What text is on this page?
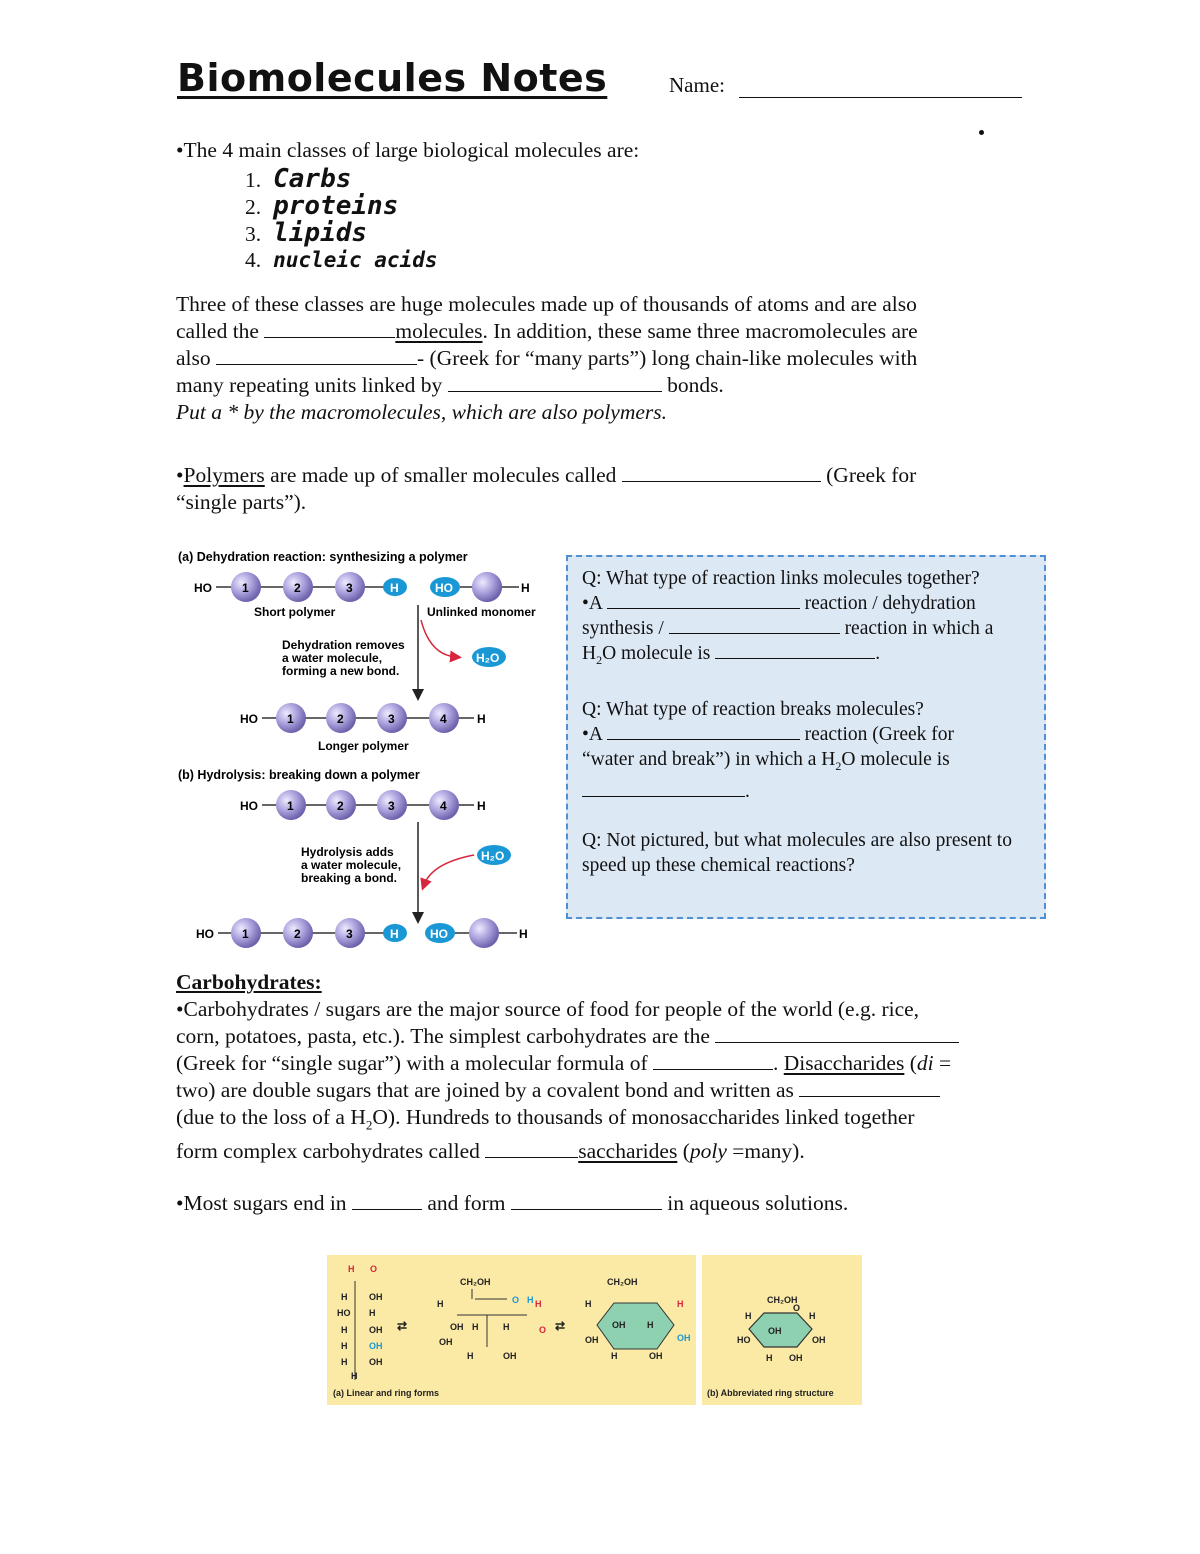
Biomolecules Notes	Name:
•The 4 main classes of large biological molecules are:
1. Carbs
2. proteins
3. lipids
4. nucleic acids
Three of these classes are huge molecules made up of thousands of atoms and are also
called the	molecules. In addition, these same three macromolecules are
also	- (Greek for “many parts”) long chain-like molecules with
many repeating units linked by	bonds.
Put a * by the macromolecules, which are also polymers.
•Polymers are made up of smaller molecules called	(Greek for
“single parts”).
(a) Dehydration reaction: synthesizing a polymer
HO	1	2	3	H	HO	H
Short polymer	Unlinked monomer
Dehydration removes
a water molecule,
forming a new bond.
H₂O
HO 1	2	3	4	H
Longer polymer
(b) Hydrolysis: breaking down a polymer
HO 1	2	3	4	H
Hydrolysis adds
a water molecule,
breaking a bond.
H₂O
HO 1	2	3	H	HO	H

Q: What type of reaction links molecules together?
•A	reaction / dehydration
synthesis /	reaction in which a
$H_2O$ molecule is	.

Q: What type of reaction breaks molecules?
•A	reaction (Greek for
“water and break”) in which a $H_2O$ molecule is
.

Q: Not pictured, but what molecules are also present to speed up these chemical reactions?

Carbohydrates:
•Carbohydrates / sugars are the major source of food for people of the world (e.g. rice,
corn, potatoes, pasta, etc.). The simplest carbohydrates are the
(Greek for “single sugar”) with a molecular formula of	. Disaccharides (di =
two) are double sugars that are joined by a covalent bond and written as
(due to the loss of a $H_2O$). Hundreds to thousands of monosaccharides linked together
form complex carbohydrates called	saccharides (poly =many).
•Most sugars end in	and form	in aqueous solutions.
H O
H OH
HO H
H OH
H OH
H OH
H
⇄
CH₂OH
O H
H
OH H
OH
H
H	OH
H
O ⇄
CH₂OH
H	H
OH H
OH
OH
H	OH
CH₂OH
O
H	H
OH
HO	OH
H OH
(a) Linear and ring forms	(b) Abbreviated ring structure
